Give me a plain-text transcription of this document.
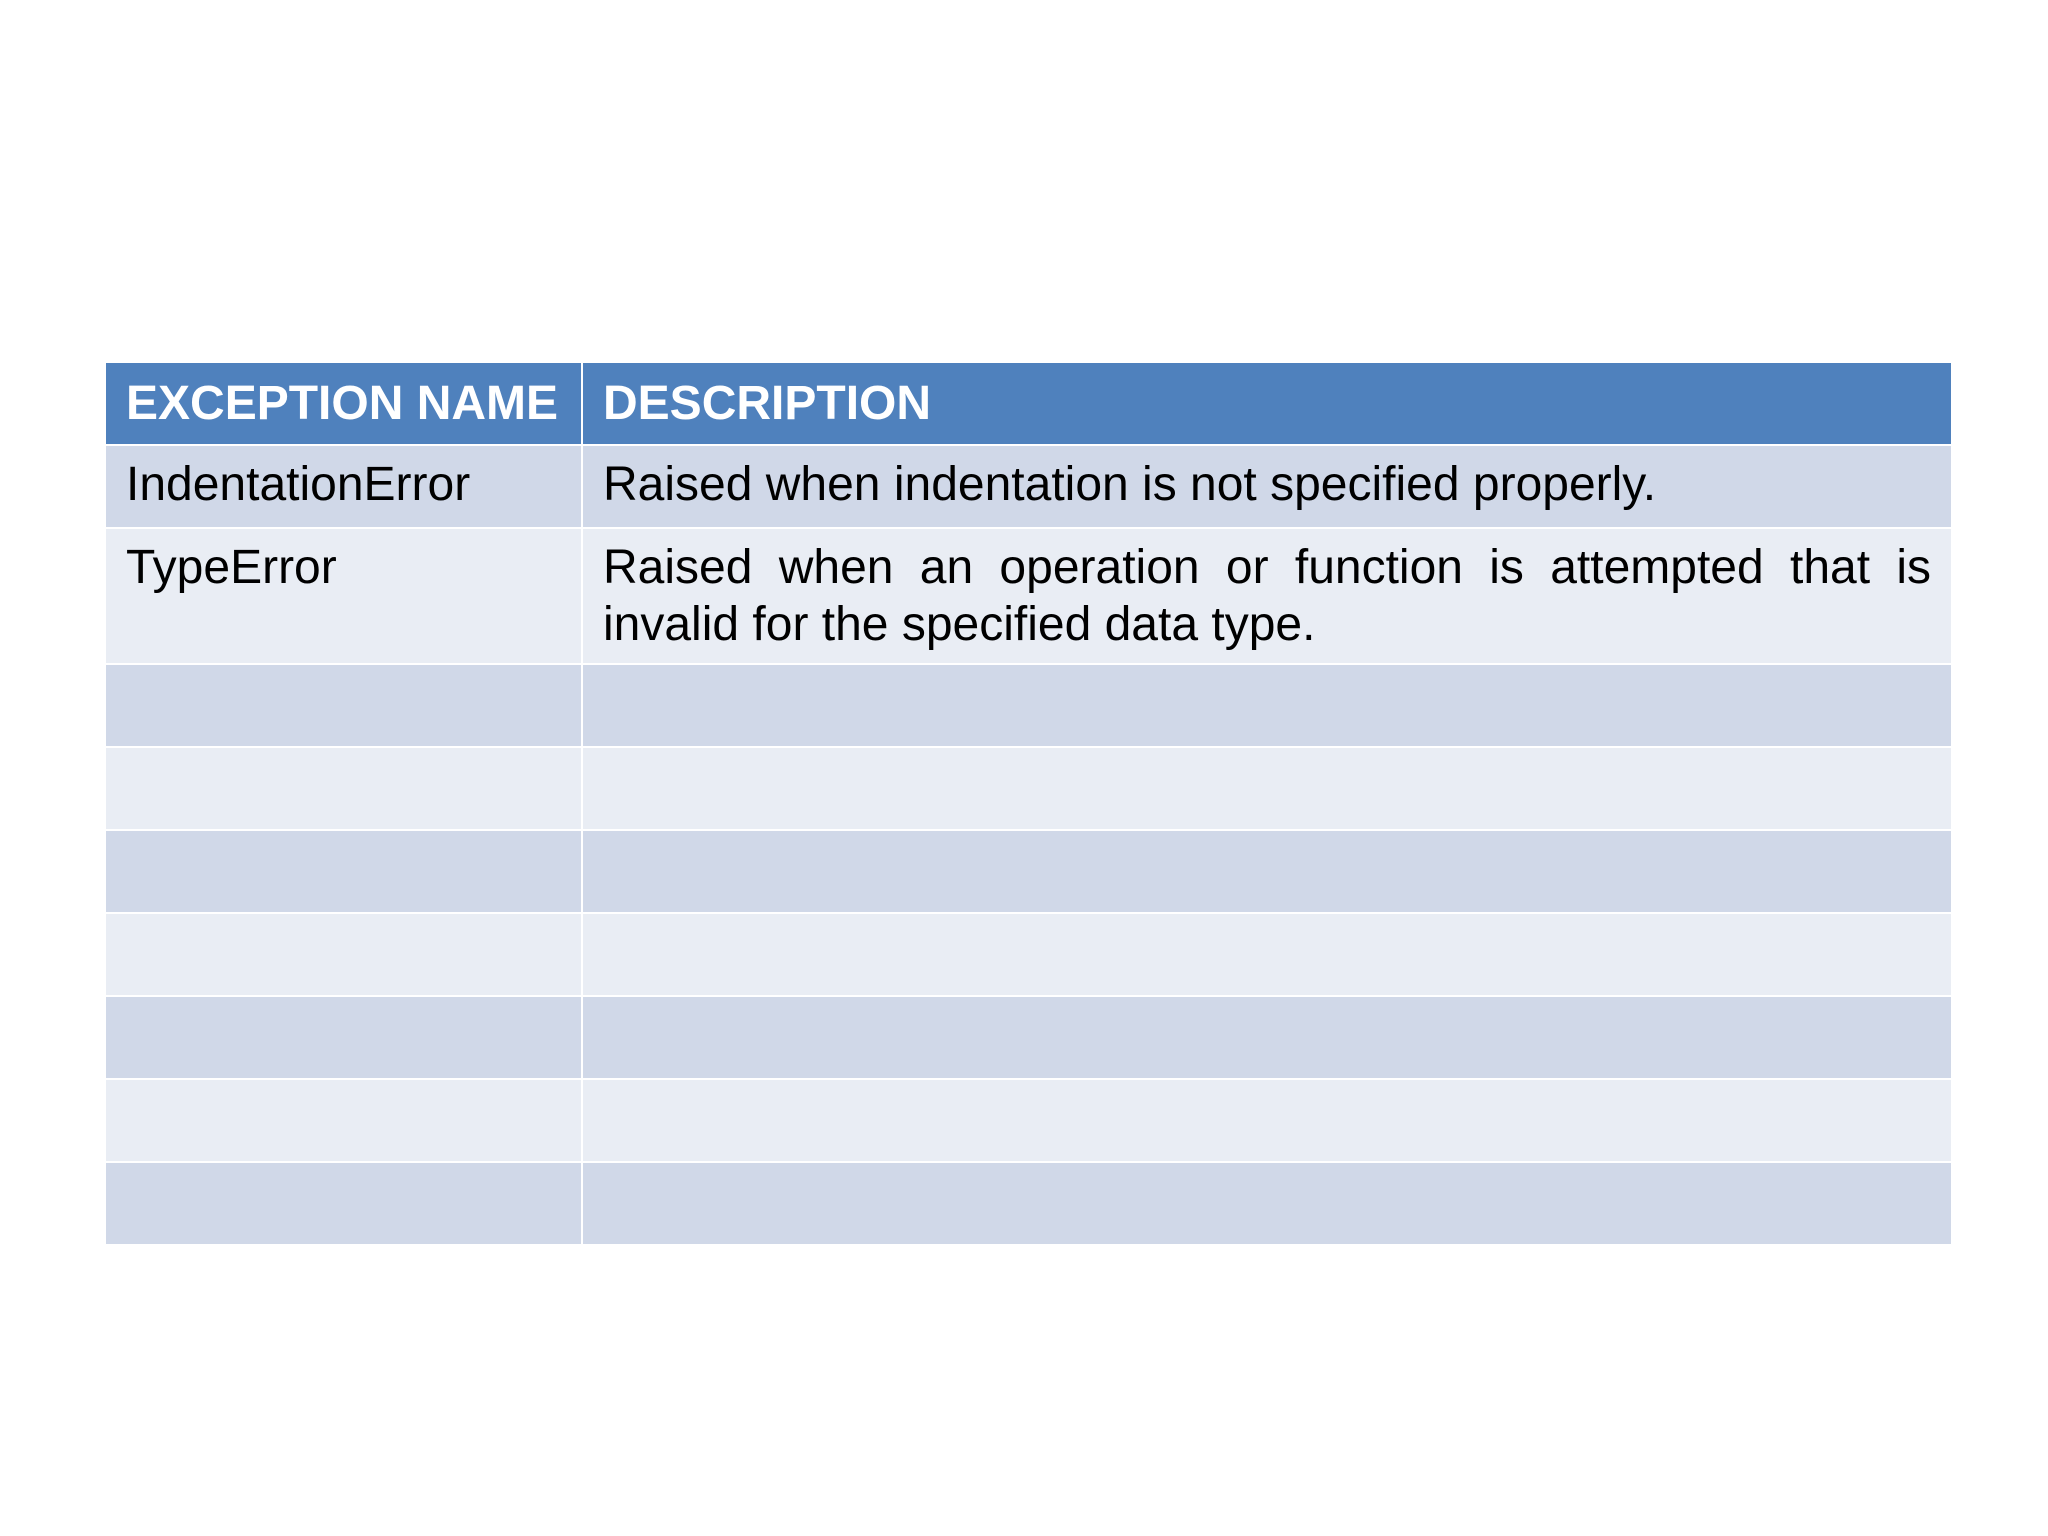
EXCEPTION NAME	DESCRIPTION
IndentationError	Raised when indentation is not specified properly.
TypeError	Raised when an operation or function is attempted that is invalid for the specified data type.
